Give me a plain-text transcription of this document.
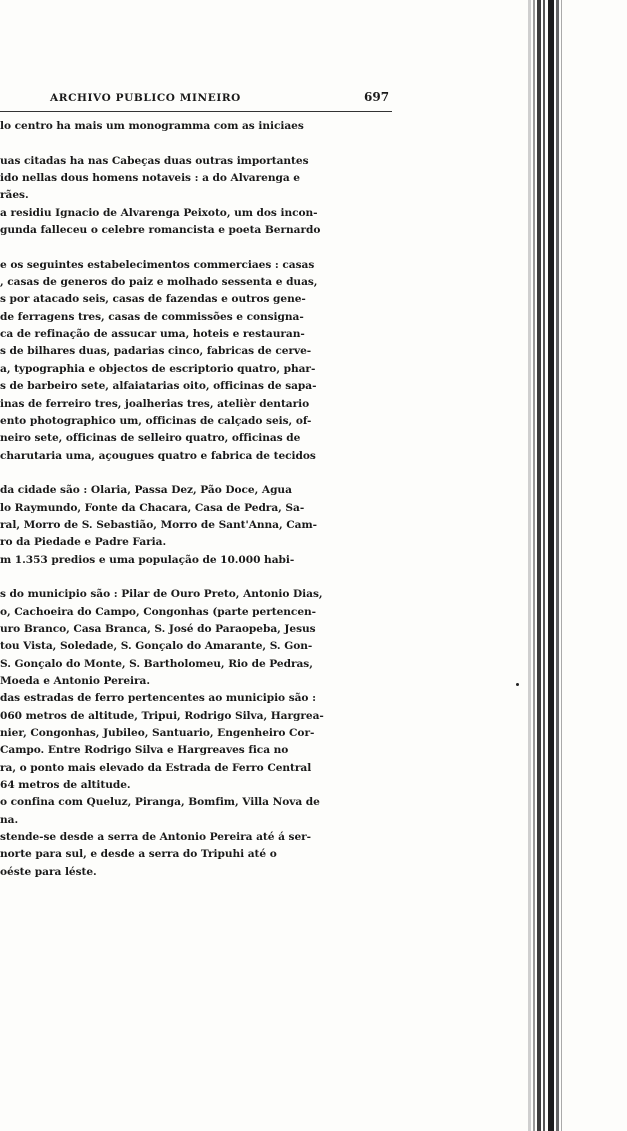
ARCHIVO PUBLICO MINEIRO	697
lo centro ha mais um monogramma com as iniciaes
uas citadas ha nas Cabeças duas outras importantes
ido nellas dous homens notaveis : a do Alvarenga e
rães.
a residiu Ignacio de Alvarenga Peixoto, um dos incon-
gunda falleceu o celebre romancista e poeta Bernardo
e os seguintes estabelecimentos commerciaes : casas
, casas de generos do paiz e molhado sessenta e duas,
s por atacado seis, casas de fazendas e outros gene-
de ferragens tres, casas de commissões e consigna-
ca de refinação de assucar uma, hoteis e restauran-
s de bilhares duas, padarias cinco, fabricas de cerve-
a, typographia e objectos de escriptorio quatro, phar-
s de barbeiro sete, alfaiatarias oito, officinas de sapa-
inas de ferreiro tres, joalherias tres, atelièr dentario
ento photographico um, officinas de calçado seis, of-
neiro sete, officinas de selleiro quatro, officinas de
charutaria uma, açougues quatro e fabrica de tecidos
da cidade são : Olaria, Passa Dez, Pão Doce, Agua
lo Raymundo, Fonte da Chacara, Casa de Pedra, Sa-
ral, Morro de S. Sebastião, Morro de Sant'Anna, Cam-
ro da Piedade e Padre Faria.
m 1.353 predios e uma população de 10.000 habi-
s do municipio são : Pilar de Ouro Preto, Antonio Dias,
o, Cachoeira do Campo, Congonhas (parte pertencen-
uro Branco, Casa Branca, S. José do Paraopeba, Jesus
tou Vista, Soledade, S. Gonçalo do Amarante, S. Gon-
S. Gonçalo do Monte, S. Bartholomeu, Rio de Pedras,
Moeda e Antonio Pereira.
das estradas de ferro pertencentes ao municipio são :
060 metros de altitude, Tripui, Rodrigo Silva, Hargrea-
nier, Congonhas, Jubileo, Santuario, Engenheiro Cor-
Campo. Entre Rodrigo Silva e Hargreaves fica no
ra, o ponto mais elevado da Estrada de Ferro Central
64 metros de altitude.
o confina com Queluz, Piranga, Bomfim, Villa Nova de
na.
stende-se desde a serra de Antonio Pereira até á ser-
norte para sul, e desde a serra do Tripuhi até o
oéste para léste.
